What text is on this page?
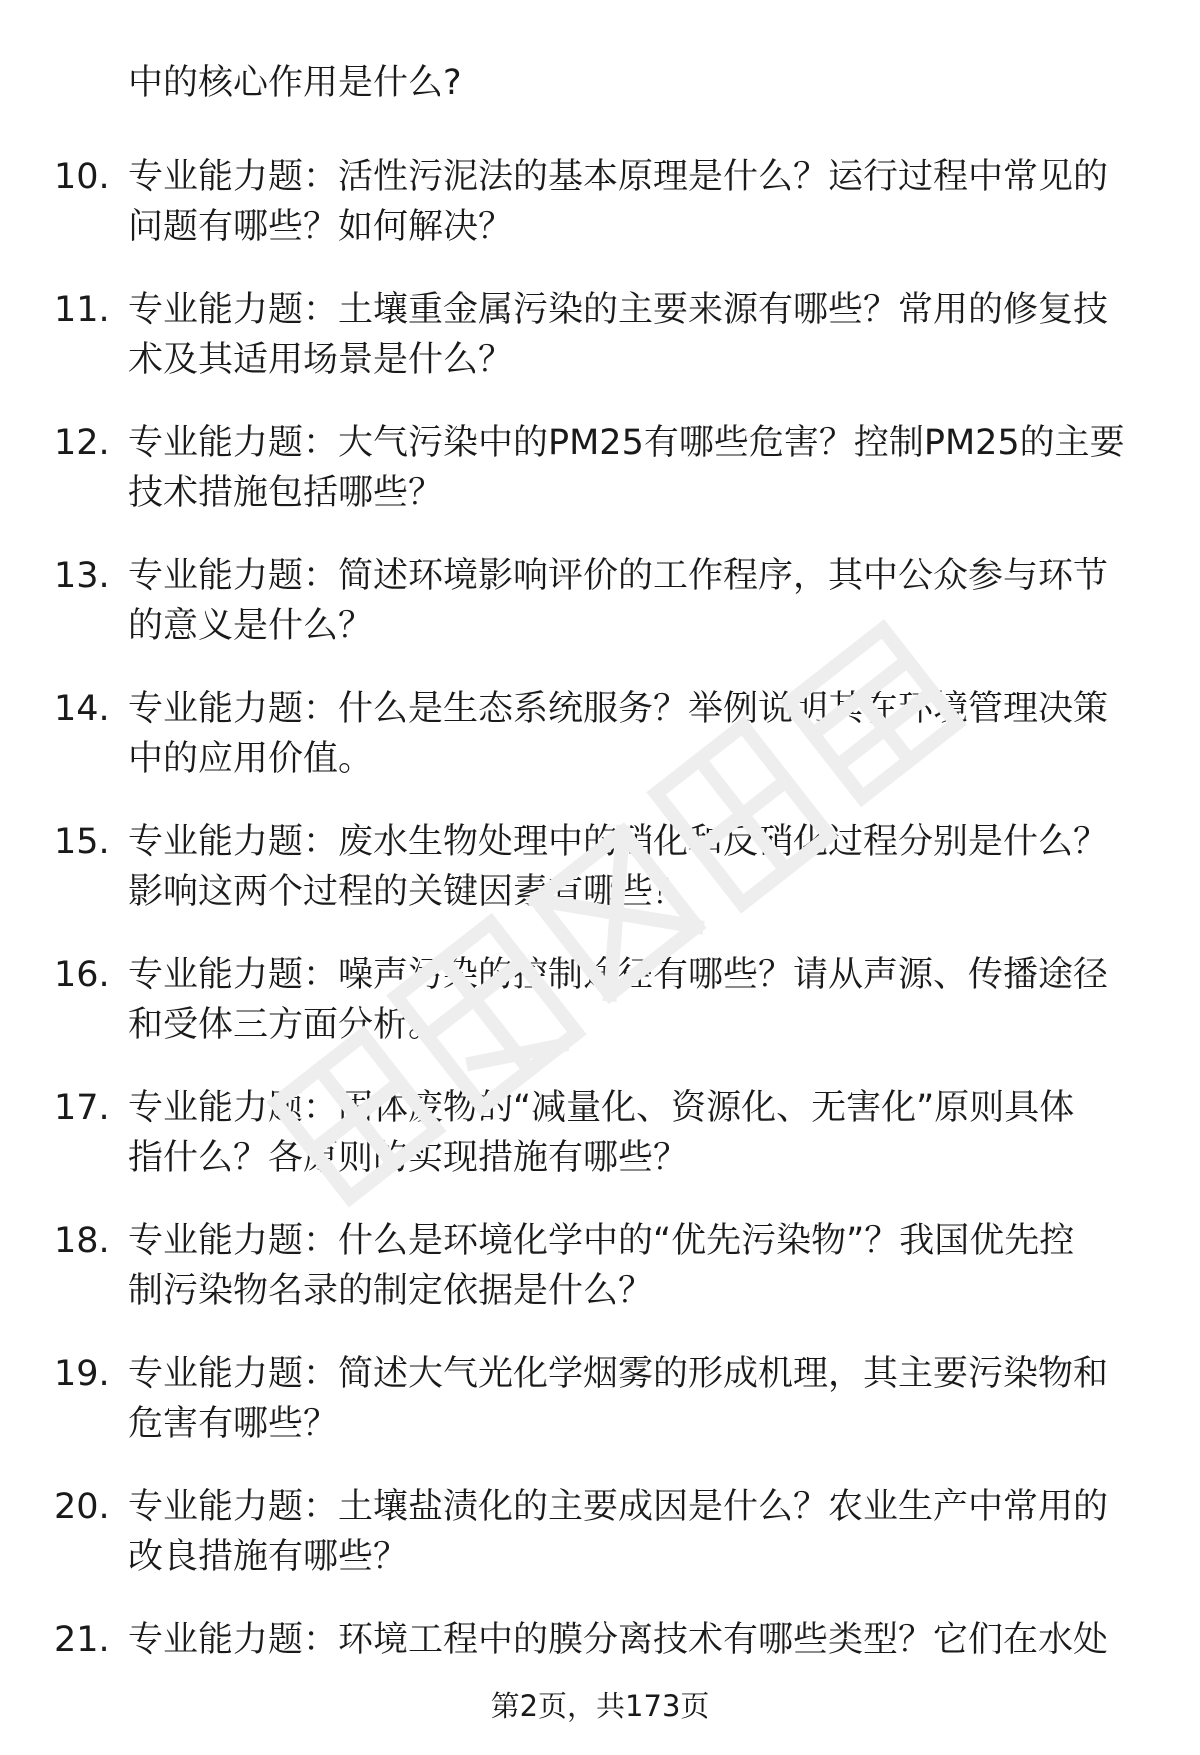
中的核心作用是什么?
10. 专业能力题：活性污泥法的基本原理是什么？运行过程中常见的
问题有哪些？如何解决？
11. 专业能力题：土壤重金属污染的主要来源有哪些？常用的修复技
术及其适用场景是什么？
12. 专业能力题：大气污染中的PM25有哪些危害？控制PM25的主要
技术措施包括哪些？
13. 专业能力题：简述环境影响评价的工作程序，其中公众参与环节
的意义是什么？
14. 专业能力题：什么是生态系统服务？举例说明其在环境管理决策
中的应用价值。
15. 专业能力题：废水生物处理中的硝化和反硝化过程分别是什么？
影响这两个过程的关键因素有哪些？
16. 专业能力题：噪声污染的控制途径有哪些？请从声源、传播途径
和受体三方面分析。
17. 专业能力题：固体废物的“减量化、资源化、无害化”原则具体
指什么？各原则的实现措施有哪些？
18. 专业能力题：什么是环境化学中的“优先污染物”？我国优先控
制污染物名录的制定依据是什么？
19. 专业能力题：简述大气光化学烟雾的形成机理，其主要污染物和
危害有哪些？
20. 专业能力题：土壤盐渍化的主要成因是什么？农业生产中常用的
改良措施有哪些？
21. 专业能力题：环境工程中的膜分离技术有哪些类型？它们在水处
第2页，共173页
